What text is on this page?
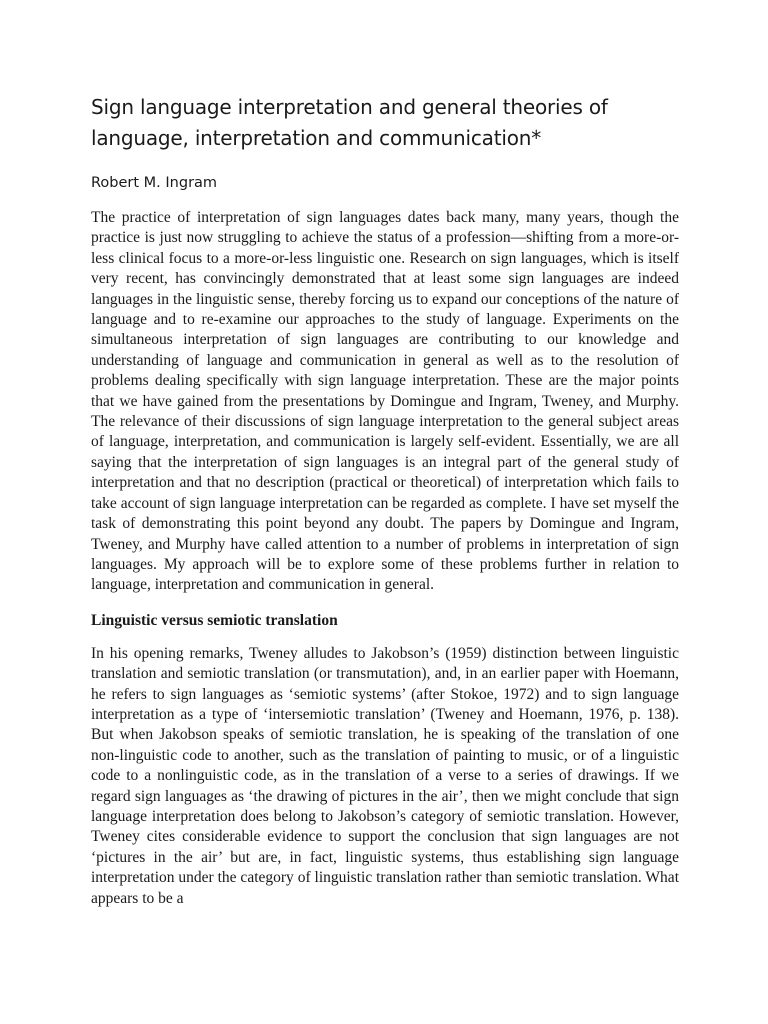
Sign language interpretation and general theories of language, interpretation and communication*

Robert M. Ingram

The practice of interpretation of sign languages dates back many, many years, though the practice is just now struggling to achieve the status of a profession—shifting from a more-or-less clinical focus to a more-or-less linguistic one. Research on sign languages, which is itself very recent, has convincingly demonstrated that at least some sign languages are indeed languages in the linguistic sense, thereby forcing us to expand our conceptions of the nature of language and to re-examine our approaches to the study of language. Experiments on the simultaneous interpretation of sign languages are contributing to our knowledge and understanding of language and communication in general as well as to the resolution of problems dealing specifically with sign language interpretation. These are the major points that we have gained from the presentations by Domingue and Ingram, Tweney, and Murphy. The relevance of their discussions of sign language interpretation to the general subject areas of language, interpretation, and communication is largely self-evident. Essentially, we are all saying that the interpretation of sign languages is an integral part of the general study of interpretation and that no description (practical or theoretical) of interpretation which fails to take account of sign language interpretation can be regarded as complete. I have set myself the task of demonstrating this point beyond any doubt. The papers by Domingue and Ingram, Tweney, and Murphy have called attention to a number of problems in interpretation of sign languages. My approach will be to explore some of these problems further in relation to language, interpretation and communication in general.

Linguistic versus semiotic translation

In his opening remarks, Tweney alludes to Jakobson’s (1959) distinction between linguistic translation and semiotic translation (or transmutation), and, in an earlier paper with Hoemann, he refers to sign languages as ‘semiotic systems’ (after Stokoe, 1972) and to sign language interpretation as a type of ‘intersemiotic translation’ (Tweney and Hoemann, 1976, p. 138). But when Jakobson speaks of semiotic translation, he is speaking of the translation of one non-linguistic code to another, such as the translation of painting to music, or of a linguistic code to a nonlinguistic code, as in the translation of a verse to a series of drawings. If we regard sign languages as ‘the drawing of pictures in the air’, then we might conclude that sign language interpretation does belong to Jakobson’s category of semiotic translation. However, Tweney cites considerable evidence to support the conclusion that sign languages are not ‘pictures in the air’ but are, in fact, linguistic systems, thus establishing sign language interpretation under the category of linguistic translation rather than semiotic translation. What appears to be a
